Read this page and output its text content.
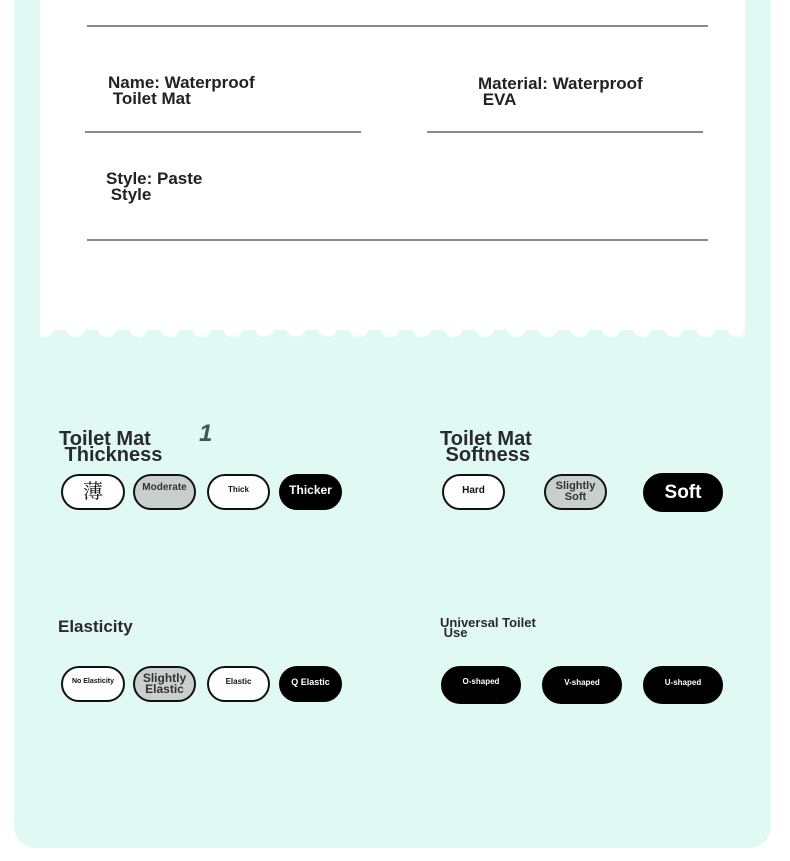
Name: Waterproof
Toilet Mat
Material: Waterproof
EVA
Style: Paste
Style
Toilet Mat
Thickness
1
薄	Moderate	Thick	Thicker
Toilet Mat
Softness
Hard	Slightly
Soft	Soft
Elasticity
No Elasticity	Slightly
Elastic
Elastic	Q Elastic
Universal Toilet
Use
O-shaped	V-shaped	U-shaped
